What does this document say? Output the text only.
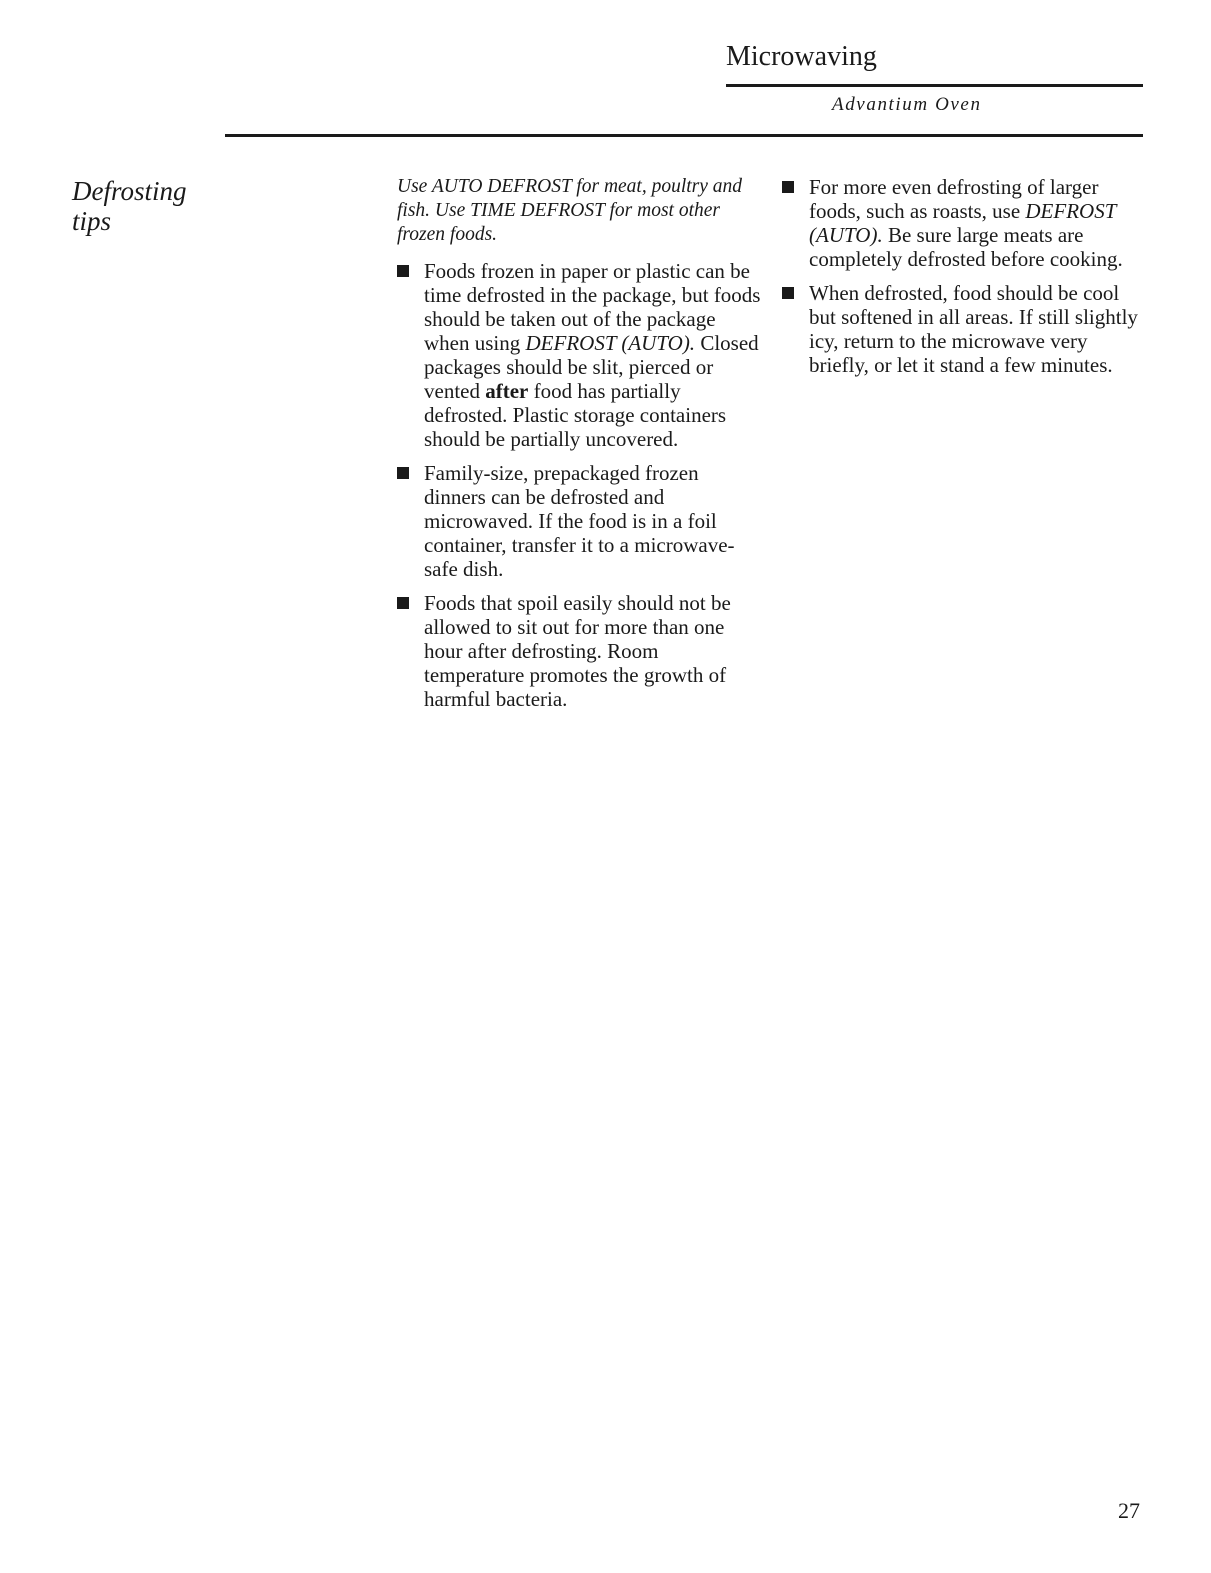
Microwaving
Advantium Oven
Defrosting
tips

Use AUTO DEFROST for meat, poultry and fish. Use TIME DEFROST for most other frozen foods.

Foods frozen in paper or plastic can be time defrosted in the package, but foods should be taken out of the package when using DEFROST (AUTO). Closed packages should be slit, pierced or vented after food has partially defrosted. Plastic storage containers should be partially uncovered.
Family-size, prepackaged frozen dinners can be defrosted and microwaved. If the food is in a foil container, transfer it to a microwave-safe dish.
Foods that spoil easily should not be allowed to sit out for more than one hour after defrosting. Room temperature promotes the growth of harmful bacteria.
For more even defrosting of larger foods, such as roasts, use DEFROST (AUTO). Be sure large meats are completely defrosted before cooking.
When defrosted, food should be cool but softened in all areas. If still slightly icy, return to the microwave very briefly, or let it stand a few minutes.
27
